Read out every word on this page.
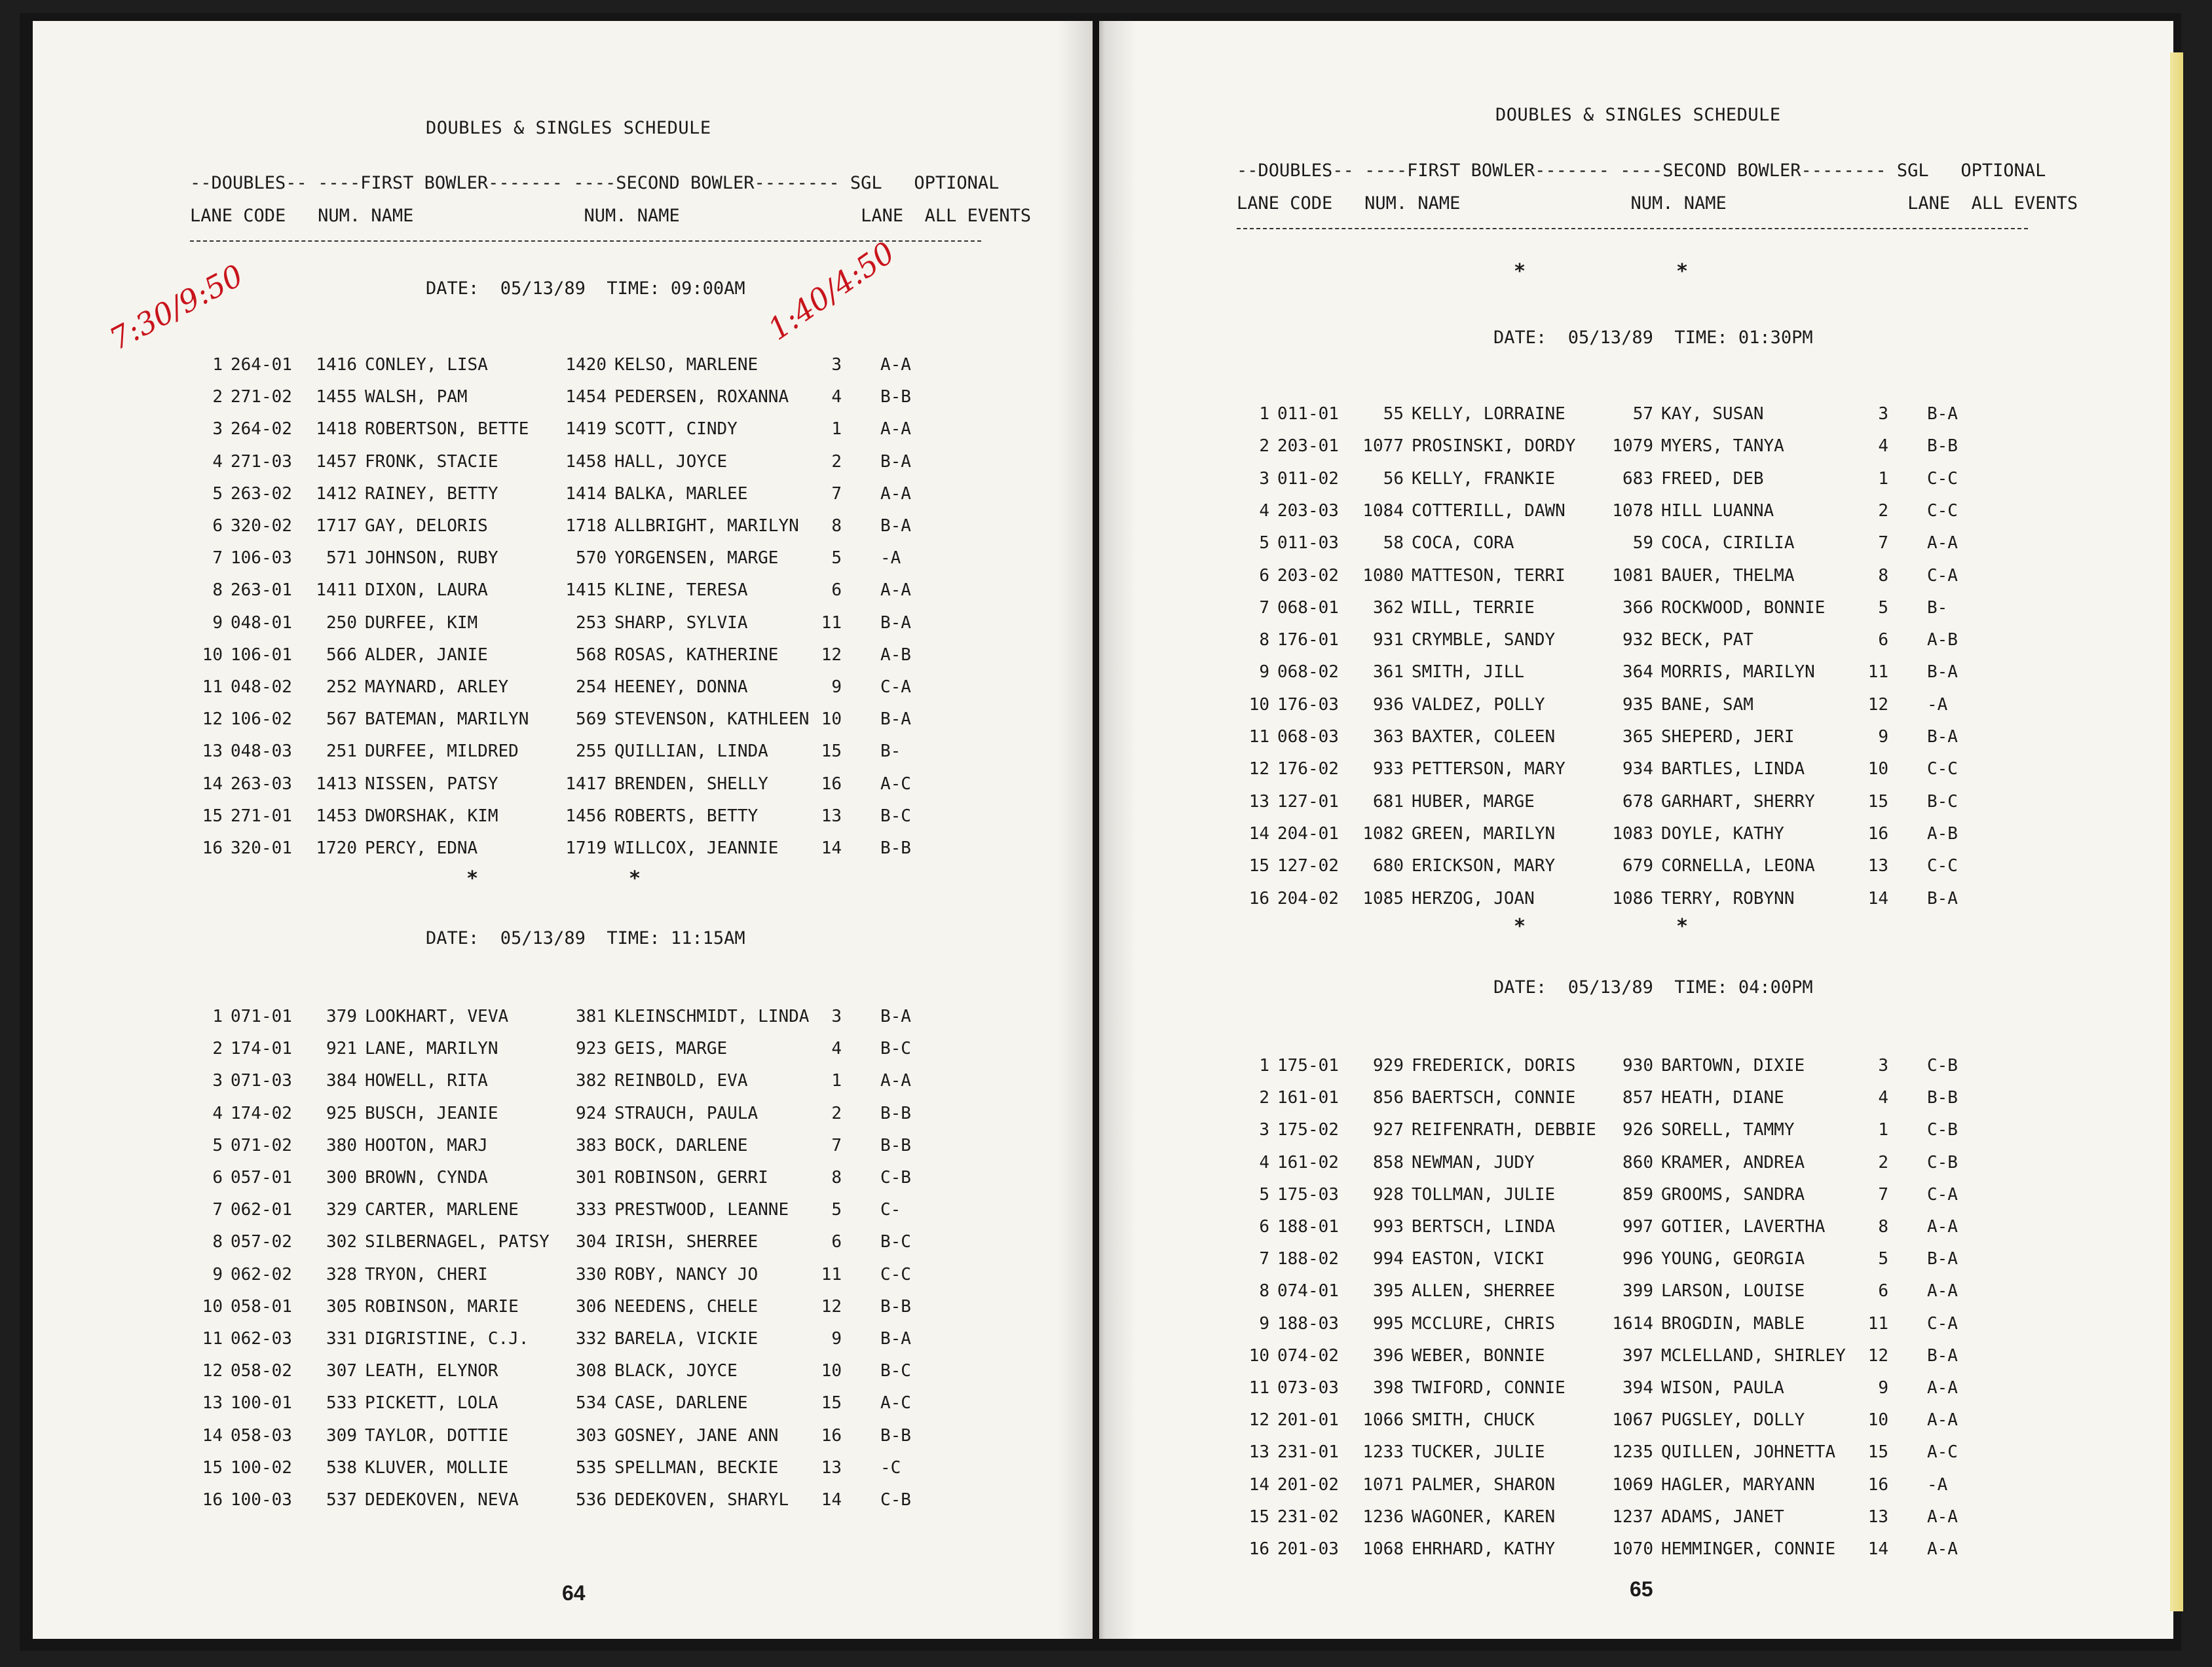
DOUBLES & SINGLES SCHEDULE
--DOUBLES-- ----FIRST BOWLER------- ----SECOND BOWLER-------- SGL   OPTIONAL
LANE CODE   NUM. NAME                NUM. NAME                 LANE  ALL EVENTS
DATE:  05/13/89  TIME: 09:00AM
1 264-01 1416 CONLEY, LISA	1420 KELSO, MARLENE	3 A-A
2 271-02 1455 WALSH, PAM	1454 PEDERSEN, ROXANNA	4 B-B
3 264-02 1418 ROBERTSON, BETTE	1419 SCOTT, CINDY	1 A-A
4 271-03 1457 FRONK, STACIE	1458 HALL, JOYCE	2 B-A
5 263-02 1412 RAINEY, BETTY	1414 BALKA, MARLEE	7 A-A
6 320-02 1717 GAY, DELORIS	1718 ALLBRIGHT, MARILYN	8 B-A
7 106-03	571 JOHNSON, RUBY	570 YORGENSEN, MARGE	5 -A
8 263-01 1411 DIXON, LAURA	1415 KLINE, TERESA	6 A-A
9 048-01	250 DURFEE, KIM	253 SHARP, SYLVIA	11 B-A
10 106-01	566 ALDER, JANIE	568 ROSAS, KATHERINE	12 A-B
11 048-02	252 MAYNARD, ARLEY	254 HEENEY, DONNA	9 C-A
12 106-02	567 BATEMAN, MARILYN	569 STEVENSON, KATHLEEN 10 B-A
13 048-03	251 DURFEE, MILDRED	255 QUILLIAN, LINDA	15 B-
14 263-03 1413 NISSEN, PATSY	1417 BRENDEN, SHELLY	16 A-C
15 271-01 1453 DWORSHAK, KIM	1456 ROBERTS, BETTY	13 B-C
16 320-01 1720 PERCY, EDNA	1719 WILLCOX, JEANNIE	14 B-B
*	*
DATE:  05/13/89  TIME: 11:15AM
1 071-01	379 LOOKHART, VEVA	381 KLEINSCHMIDT, LINDA	3 B-A
2 174-01	921 LANE, MARILYN	923 GEIS, MARGE	4 B-C
3 071-03	384 HOWELL, RITA	382 REINBOLD, EVA	1 A-A
4 174-02	925 BUSCH, JEANIE	924 STRAUCH, PAULA	2 B-B
5 071-02	380 HOOTON, MARJ	383 BOCK, DARLENE	7 B-B
6 057-01	300 BROWN, CYNDA	301 ROBINSON, GERRI	8 C-B
7 062-01	329 CARTER, MARLENE	333 PRESTWOOD, LEANNE	5 C-
8 057-02	302 SILBERNAGEL, PATSY	304 IRISH, SHERREE	6 B-C
9 062-02	328 TRYON, CHERI	330 ROBY, NANCY JO	11 C-C
10 058-01	305 ROBINSON, MARIE	306 NEEDENS, CHELE	12 B-B
11 062-03	331 DIGRISTINE, C.J.	332 BARELA, VICKIE	9 B-A
12 058-02	307 LEATH, ELYNOR	308 BLACK, JOYCE	10 B-C
13 100-01	533 PICKETT, LOLA	534 CASE, DARLENE	15 A-C
14 058-03	309 TAYLOR, DOTTIE	303 GOSNEY, JANE ANN	16 B-B
15 100-02	538 KLUVER, MOLLIE	535 SPELLMAN, BECKIE	13 -C
16 100-03	537 DEDEKOVEN, NEVA	536 DEDEKOVEN, SHARYL	14 C-B
64
7:30/9:50	1:40/4:50
DOUBLES & SINGLES SCHEDULE
--DOUBLES-- ----FIRST BOWLER------- ----SECOND BOWLER-------- SGL   OPTIONAL
LANE CODE   NUM. NAME                NUM. NAME                 LANE  ALL EVENTS
*	*
DATE:  05/13/89  TIME: 01:30PM
1 011-01	55 KELLY, LORRAINE	57 KAY, SUSAN	3 B-A
2 203-01 1077 PROSINSKI, DORDY	1079 MYERS, TANYA	4 B-B
3 011-02	56 KELLY, FRANKIE	683 FREED, DEB	1 C-C
4 203-03 1084 COTTERILL, DAWN	1078 HILL LUANNA	2 C-C
5 011-03	58 COCA, CORA	59 COCA, CIRILIA	7 A-A
6 203-02 1080 MATTESON, TERRI	1081 BAUER, THELMA	8 C-A
7 068-01	362 WILL, TERRIE	366 ROCKWOOD, BONNIE	5 B-
8 176-01	931 CRYMBLE, SANDY	932 BECK, PAT	6 A-B
9 068-02	361 SMITH, JILL	364 MORRIS, MARILYN	11 B-A
10 176-03	936 VALDEZ, POLLY	935 BANE, SAM	12 -A
11 068-03	363 BAXTER, COLEEN	365 SHEPERD, JERI	9 B-A
12 176-02	933 PETTERSON, MARY	934 BARTLES, LINDA	10 C-C
13 127-01	681 HUBER, MARGE	678 GARHART, SHERRY	15 B-C
14 204-01 1082 GREEN, MARILYN	1083 DOYLE, KATHY	16 A-B
15 127-02	680 ERICKSON, MARY	679 CORNELLA, LEONA	13 C-C
16 204-02 1085 HERZOG, JOAN	1086 TERRY, ROBYNN	14 B-A
*	*
DATE:  05/13/89  TIME: 04:00PM
1 175-01	929 FREDERICK, DORIS	930 BARTOWN, DIXIE	3 C-B
2 161-01	856 BAERTSCH, CONNIE	857 HEATH, DIANE	4 B-B
3 175-02	927 REIFENRATH, DEBBIE	926 SORELL, TAMMY	1 C-B
4 161-02	858 NEWMAN, JUDY	860 KRAMER, ANDREA	2 C-B
5 175-03	928 TOLLMAN, JULIE	859 GROOMS, SANDRA	7 C-A
6 188-01	993 BERTSCH, LINDA	997 GOTIER, LAVERTHA	8 A-A
7 188-02	994 EASTON, VICKI	996 YOUNG, GEORGIA	5 B-A
8 074-01	395 ALLEN, SHERREE	399 LARSON, LOUISE	6 A-A
9 188-03	995 MCCLURE, CHRIS	1614 BROGDIN, MABLE	11 C-A
10 074-02	396 WEBER, BONNIE	397 MCLELLAND, SHIRLEY	12 B-A
11 073-03	398 TWIFORD, CONNIE	394 WISON, PAULA	9 A-A
12 201-01 1066 SMITH, CHUCK	1067 PUGSLEY, DOLLY	10 A-A
13 231-01 1233 TUCKER, JULIE	1235 QUILLEN, JOHNETTA	15 A-C
14 201-02 1071 PALMER, SHARON	1069 HAGLER, MARYANN	16 -A
15 231-02 1236 WAGONER, KAREN	1237 ADAMS, JANET	13 A-A
16 201-03 1068 EHRHARD, KATHY	1070 HEMMINGER, CONNIE	14 A-A
65
